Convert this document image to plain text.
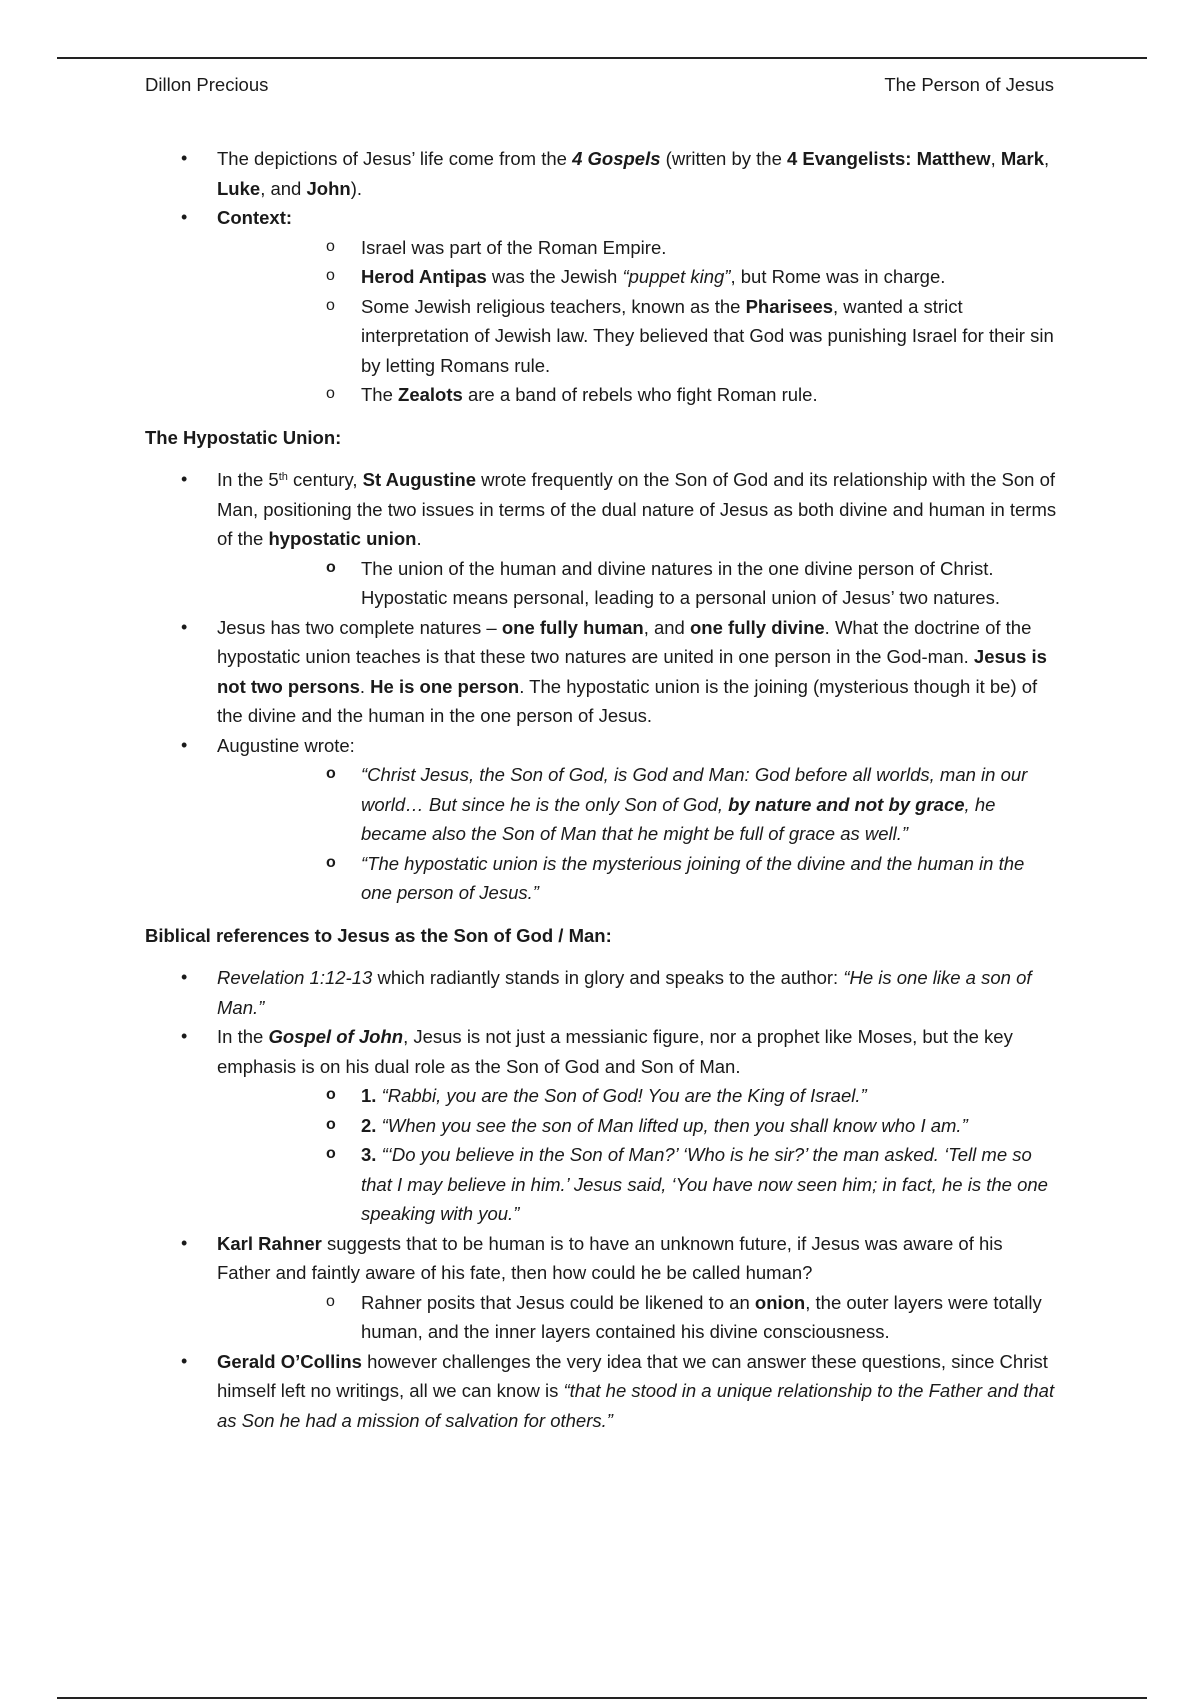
Dillon Precious	The Person of Jesus
• The depictions of Jesus’ life come from the 4 Gospels (written by the 4 Evangelists: Matthew, Mark, Luke, and John).
• Context:
o Israel was part of the Roman Empire.
o Herod Antipas was the Jewish “puppet king”, but Rome was in charge.
o Some Jewish religious teachers, known as the Pharisees, wanted a strict interpretation of Jewish law. They believed that God was punishing Israel for their sin by letting Romans rule.
o The Zealots are a band of rebels who fight Roman rule.
The Hypostatic Union:
• In the 5th century, St Augustine wrote frequently on the Son of God and its relationship with the Son of Man, positioning the two issues in terms of the dual nature of Jesus as both divine and human in terms of the hypostatic union.
o The union of the human and divine natures in the one divine person of Christ. Hypostatic means personal, leading to a personal union of Jesus’ two natures.
• Jesus has two complete natures – one fully human, and one fully divine. What the doctrine of the hypostatic union teaches is that these two natures are united in one person in the God-man. Jesus is not two persons. He is one person. The hypostatic union is the joining (mysterious though it be) of the divine and the human in the one person of Jesus.
• Augustine wrote:
o “Christ Jesus, the Son of God, is God and Man: God before all worlds, man in our world… But since he is the only Son of God, by nature and not by grace, he became also the Son of Man that he might be full of grace as well.”
o “The hypostatic union is the mysterious joining of the divine and the human in the one person of Jesus.”
Biblical references to Jesus as the Son of God / Man:
• Revelation 1:12-13 which radiantly stands in glory and speaks to the author: “He is one like a son of Man.”
• In the Gospel of John, Jesus is not just a messianic figure, nor a prophet like Moses, but the key emphasis is on his dual role as the Son of God and Son of Man.
o 1. “Rabbi, you are the Son of God! You are the King of Israel.”
o 2. “When you see the son of Man lifted up, then you shall know who I am.”
o 3. “‘Do you believe in the Son of Man?’ ‘Who is he sir?’ the man asked. ‘Tell me so that I may believe in him.’ Jesus said, ‘You have now seen him; in fact, he is the one speaking with you.”
• Karl Rahner suggests that to be human is to have an unknown future, if Jesus was aware of his Father and faintly aware of his fate, then how could he be called human?
o Rahner posits that Jesus could be likened to an onion, the outer layers were totally human, and the inner layers contained his divine consciousness.
• Gerald O’Collins however challenges the very idea that we can answer these questions, since Christ himself left no writings, all we can know is “that he stood in a unique relationship to the Father and that as Son he had a mission of salvation for others.”
